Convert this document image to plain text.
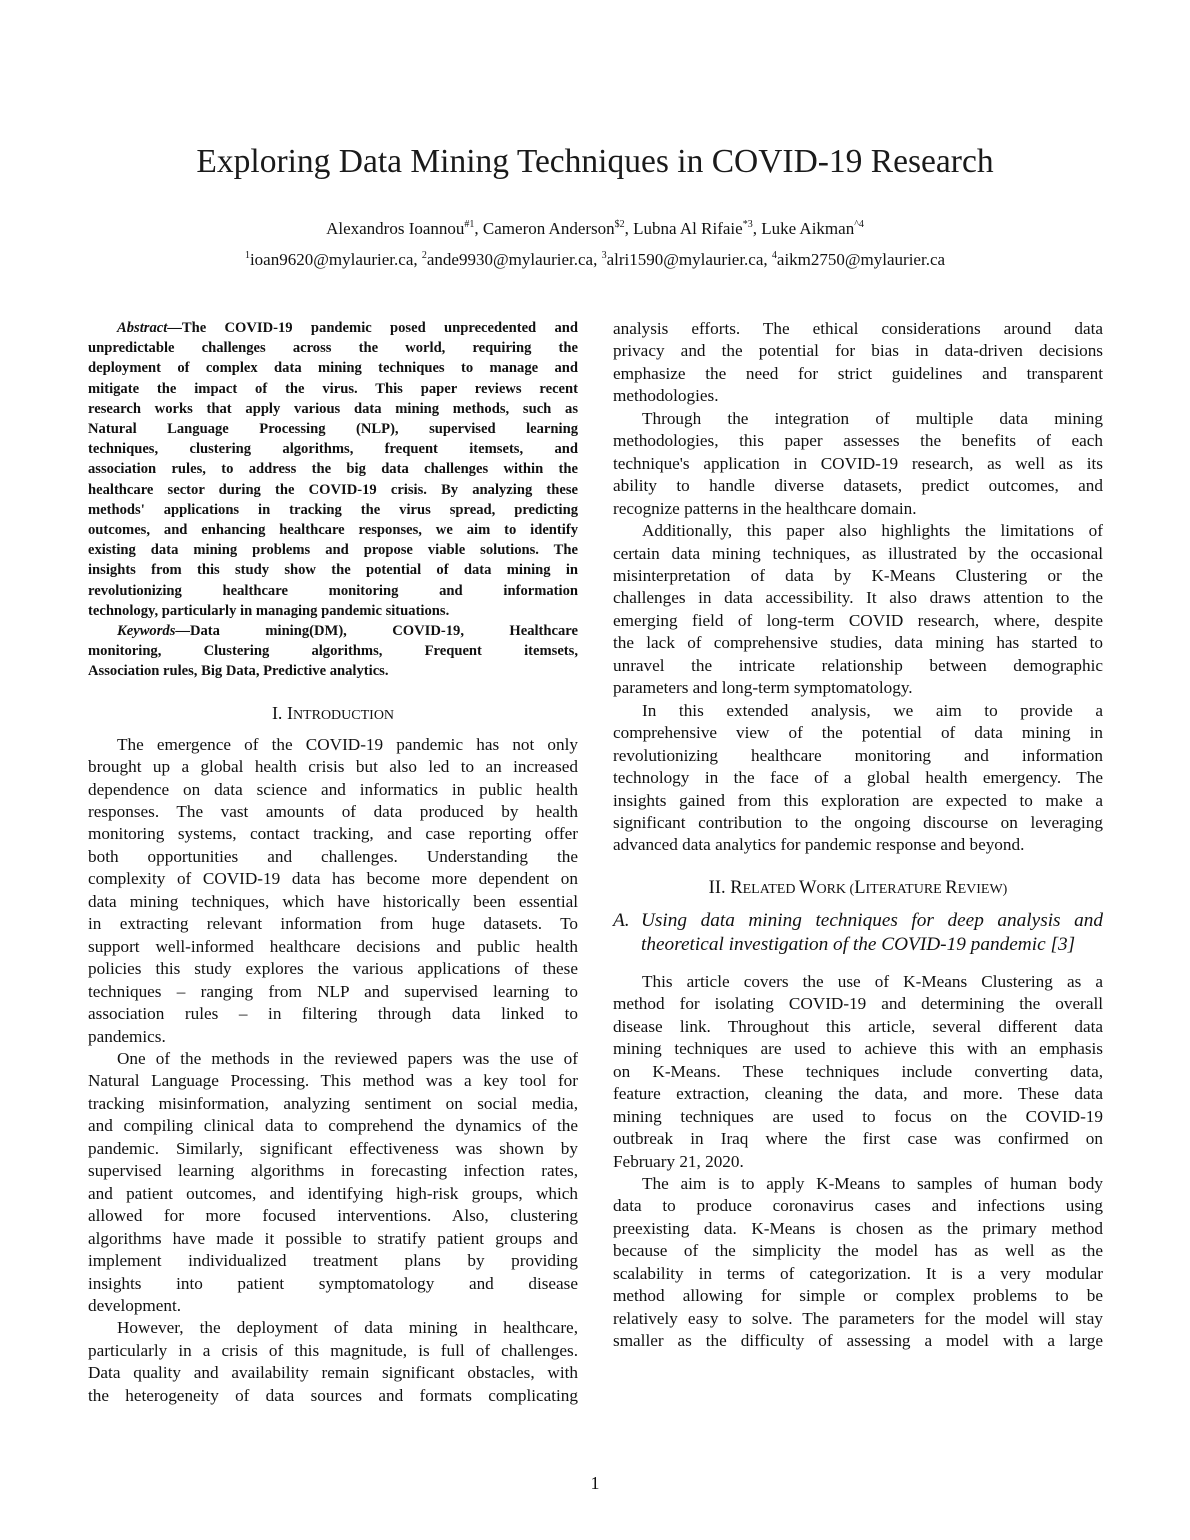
Exploring Data Mining Techniques in COVID-19 Research
Alexandros Ioannou$^{\#1}$, Cameron Anderson$^{\$2}$, Lubna Al Rifaie$^{*3}$, Luke Aikman$^{\^{}4}$
$^1$ioan9620@mylaurier.ca, $^2$ande9930@mylaurier.ca, $^3$alri1590@mylaurier.ca, $^4$aikm2750@mylaurier.ca

Abstract—The COVID-19 pandemic posed unprecedented and

unpredictable challenges across the world, requiring the

deployment of complex data mining techniques to manage and

mitigate the impact of the virus. This paper reviews recent

research works that apply various data mining methods, such as

Natural Language Processing (NLP), supervised learning

techniques, clustering algorithms, frequent itemsets, and

association rules, to address the big data challenges within the

healthcare sector during the COVID-19 crisis. By analyzing these

methods' applications in tracking the virus spread, predicting

outcomes, and enhancing healthcare responses, we aim to identify

existing data mining problems and propose viable solutions. The

insights from this study show the potential of data mining in

revolutionizing healthcare monitoring and information

technology, particularly in managing pandemic situations.

Keywords—Data mining(DM), COVID-19, Healthcare

monitoring, Clustering algorithms, Frequent itemsets,

Association rules, Big Data, Predictive analytics.

I. INTRODUCTION

The emergence of the COVID-19 pandemic has not only

brought up a global health crisis but also led to an increased

dependence on data science and informatics in public health

responses. The vast amounts of data produced by health

monitoring systems, contact tracking, and case reporting offer

both opportunities and challenges. Understanding the

complexity of COVID-19 data has become more dependent on

data mining techniques, which have historically been essential

in extracting relevant information from huge datasets. To

support well-informed healthcare decisions and public health

policies this study explores the various applications of these

techniques – ranging from NLP and supervised learning to

association rules – in filtering through data linked to

pandemics.

One of the methods in the reviewed papers was the use of

Natural Language Processing. This method was a key tool for

tracking misinformation, analyzing sentiment on social media,

and compiling clinical data to comprehend the dynamics of the

pandemic. Similarly, significant effectiveness was shown by

supervised learning algorithms in forecasting infection rates,

and patient outcomes, and identifying high-risk groups, which

allowed for more focused interventions. Also, clustering

algorithms have made it possible to stratify patient groups and

implement individualized treatment plans by providing

insights into patient symptomatology and disease

development.

However, the deployment of data mining in healthcare,

particularly in a crisis of this magnitude, is full of challenges.

Data quality and availability remain significant obstacles, with

the heterogeneity of data sources and formats complicating

analysis efforts. The ethical considerations around data

privacy and the potential for bias in data-driven decisions

emphasize the need for strict guidelines and transparent

methodologies.

Through the integration of multiple data mining

methodologies, this paper assesses the benefits of each

technique's application in COVID-19 research, as well as its

ability to handle diverse datasets, predict outcomes, and

recognize patterns in the healthcare domain.

Additionally, this paper also highlights the limitations of

certain data mining techniques, as illustrated by the occasional

misinterpretation of data by K-Means Clustering or the

challenges in data accessibility. It also draws attention to the

emerging field of long-term COVID research, where, despite

the lack of comprehensive studies, data mining has started to

unravel the intricate relationship between demographic

parameters and long-term symptomatology.

In this extended analysis, we aim to provide a

comprehensive view of the potential of data mining in

revolutionizing healthcare monitoring and information

technology in the face of a global health emergency. The

insights gained from this exploration are expected to make a

significant contribution to the ongoing discourse on leveraging

advanced data analytics for pandemic response and beyond.

II. RELATED WORK (LITERATURE REVIEW)

A. Using data mining techniques for deep analysis and theoretical investigation of the COVID-19 pandemic [3]

This article covers the use of K-Means Clustering as a

method for isolating COVID-19 and determining the overall

disease link. Throughout this article, several different data

mining techniques are used to achieve this with an emphasis

on K-Means. These techniques include converting data,

feature extraction, cleaning the data, and more. These data

mining techniques are used to focus on the COVID-19

outbreak in Iraq where the first case was confirmed on

February 21, 2020.

The aim is to apply K-Means to samples of human body

data to produce coronavirus cases and infections using

preexisting data. K-Means is chosen as the primary method

because of the simplicity the model has as well as the

scalability in terms of categorization. It is a very modular

method allowing for simple or complex problems to be

relatively easy to solve. The parameters for the model will stay

smaller as the difficulty of assessing a model with a large

1
